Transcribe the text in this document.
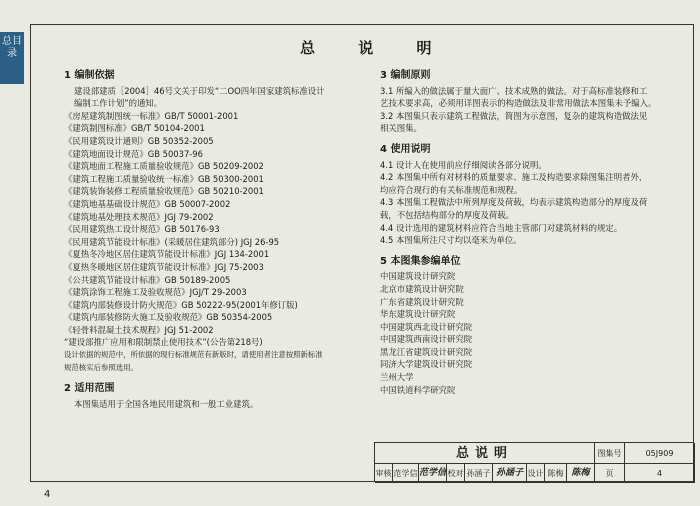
总目录	总 说 明

1 编制依据

建设部建质［2004］46号文关于印发“二OO四年国家建筑标准设计

编制工作计划”的通知。

《房屋建筑制图统一标准》GB/T 50001-2001

《建筑制图标准》GB/T 50104-2001

《民用建筑设计通则》GB 50352-2005

《建筑地面设计规范》GB 50037-96

《建筑地面工程施工质量验收规范》GB 50209-2002

《建筑工程施工质量验收统一标准》GB 50300-2001

《建筑装饰装修工程质量验收规范》GB 50210-2001

《建筑地基基础设计规范》GB 50007-2002

《建筑地基处理技术规范》JGJ 79-2002

《民用建筑热工设计规范》GB 50176-93

《民用建筑节能设计标准》(采暖居住建筑部分) JGJ 26-95

《夏热冬冷地区居住建筑节能设计标准》JGJ 134-2001

《夏热冬暖地区居住建筑节能设计标准》JGJ 75-2003

《公共建筑节能设计标准》GB 50189-2005

《建筑涂饰工程施工及验收规范》JGJ/T 29-2003

《建筑内部装修设计防火规范》GB 50222-95(2001年修订版)

《建筑内部装修防火施工及验收规范》GB 50354-2005

《轻骨料混凝土技术规程》JGJ 51-2002

“建设部推广应用和限制禁止使用技术”(公告第218号)

设计依据的规范中，所依据的现行标准规范有新版时，请使用者注意按照新标准

规范核实后参照选用。

2 适用范围

本图集适用于全国各地民用建筑和一般工业建筑。

3 编制原则

3.1 所编入的做法属于量大面广、技术成熟的做法。对于高标准装修和工

艺技术要求高，必须用详图表示的构造做法及非常用做法本图集未予编入。

3.2 本图集只表示建筑工程做法，简图为示意图，复杂的建筑构造做法见

相关图集。

4 使用说明

4.1 设计人在使用前应仔细阅读各部分说明。

4.2 本图集中所有对材料的质量要求、施工及构造要求除图集注明者外，

均应符合现行的有关标准规范和规程。

4.3 本图集工程做法中所列厚度及荷载，均表示建筑构造部分的厚度及荷

载，不包括结构部分的厚度及荷载。

4.4 设计选用的建筑材料应符合当地主管部门对建筑材料的规定。

4.5 本图集所注尺寸均以毫米为单位。

5 本图集参编单位

中国建筑设计研究院

北京市建筑设计研究院

广东省建筑设计研究院

华东建筑设计研究院

中国建筑西北设计研究院

中国建筑西南设计研究院

黑龙江省建筑设计研究院

同济大学建筑设计研究院

兰州大学

中国铁道科学研究院

总说明	图集号	05J909
审核 范学信 范学信 校对 孙涵子 孙涵子 设计 陈梅 陈梅	页	4
4
